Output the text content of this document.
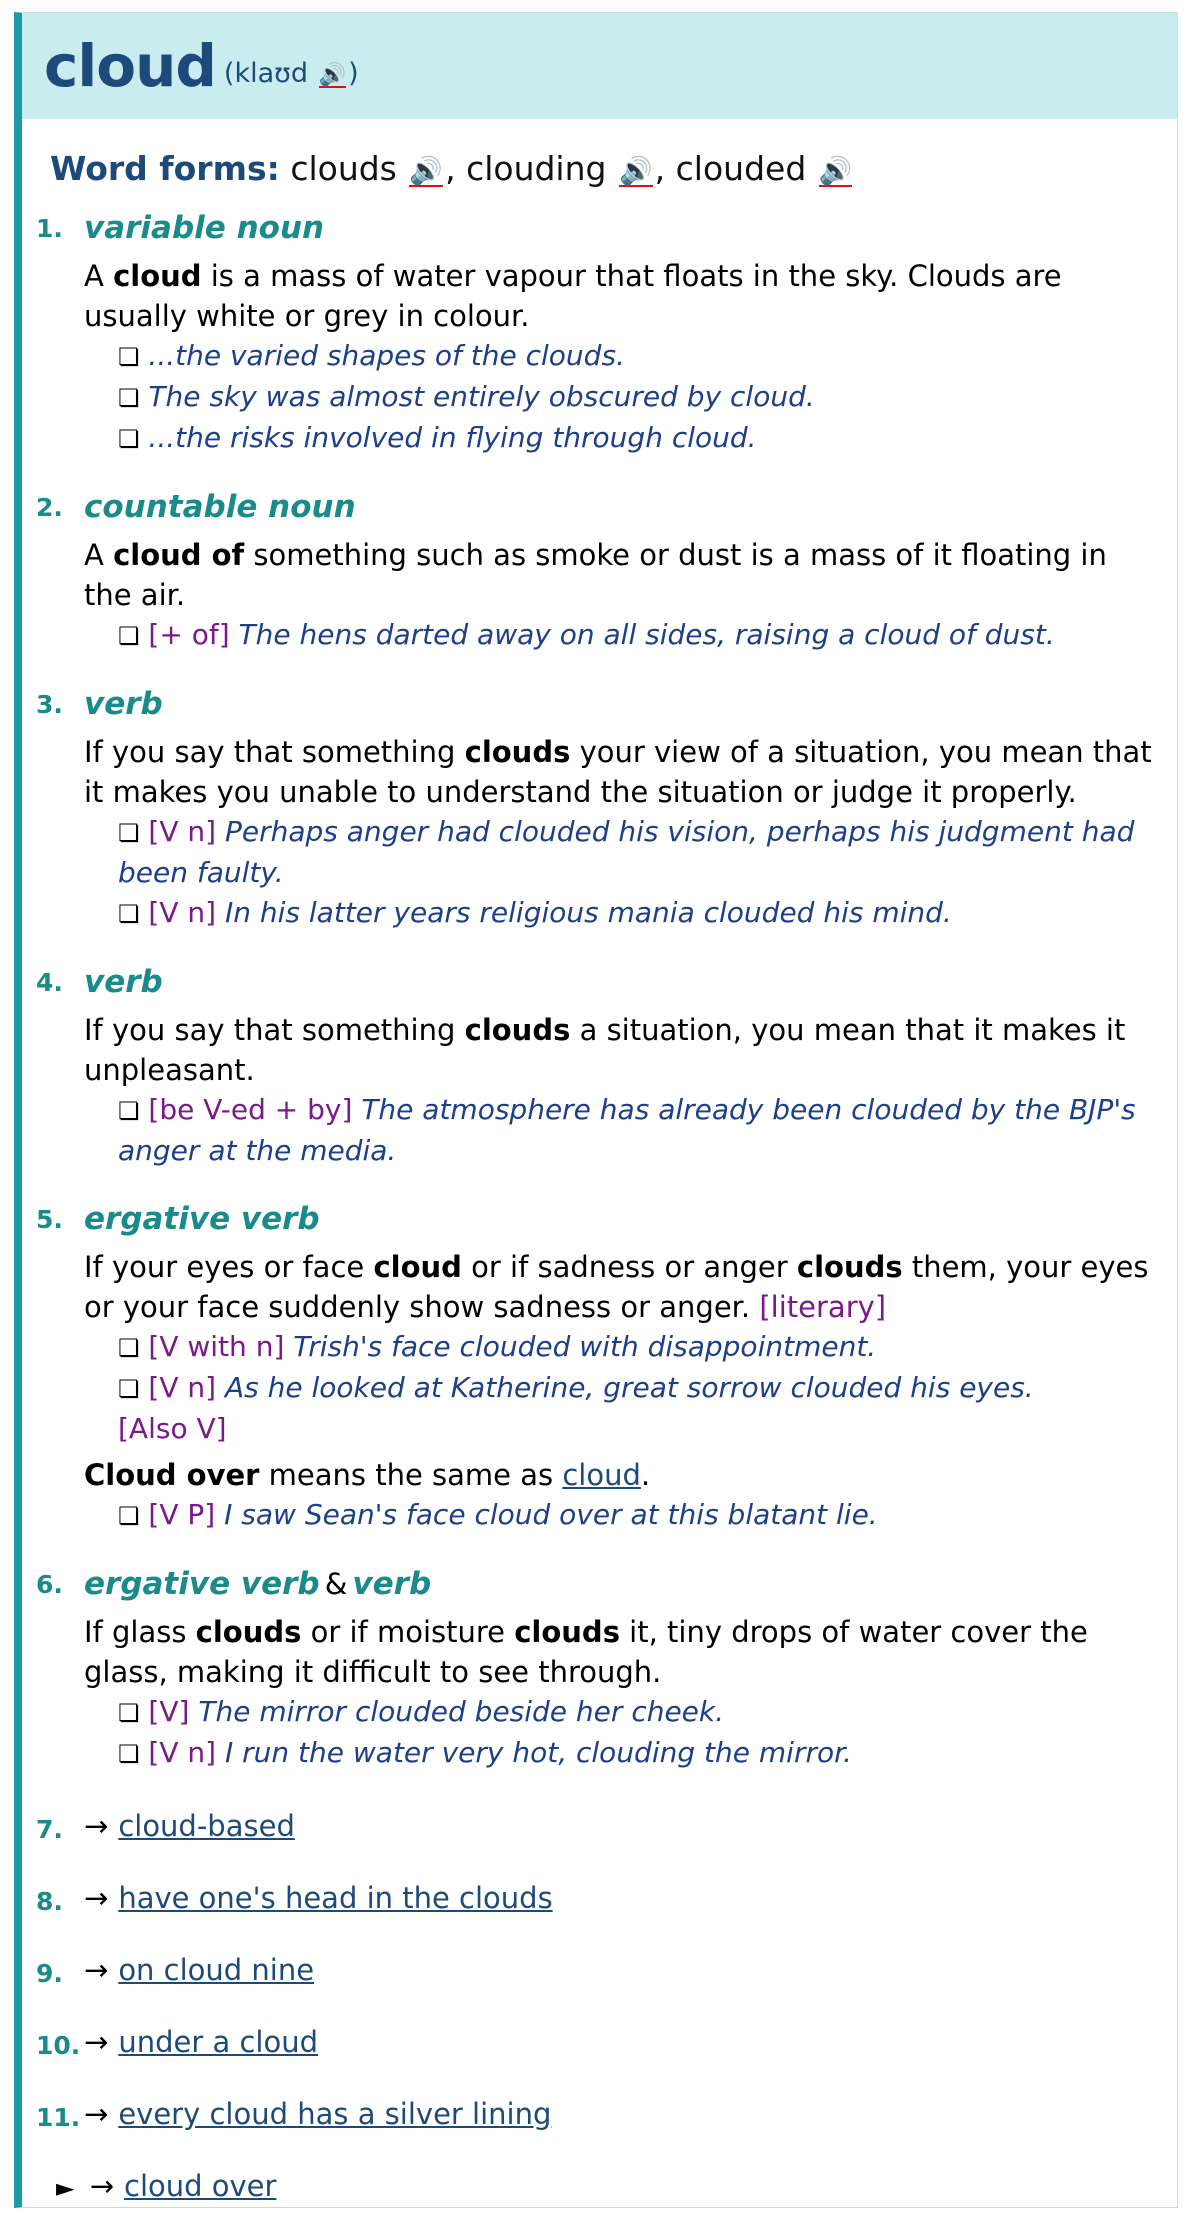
cloud (klaʊd 🔊)
Word forms: clouds 🔊, clouding 🔊, clouded 🔊
1. variable noun
A cloud is a mass of water vapour that floats in the sky. Clouds are usually white or grey in colour.
❏ ...the varied shapes of the clouds.
❏ The sky was almost entirely obscured by cloud.
❏ ...the risks involved in flying through cloud.
2. countable noun
A cloud of something such as smoke or dust is a mass of it floating in the air.
❏ [+ of] The hens darted away on all sides, raising a cloud of dust.
3. verb
If you say that something clouds your view of a situation, you mean that it makes you unable to understand the situation or judge it properly.
❏ [V n] Perhaps anger had clouded his vision, perhaps his judgment had been faulty.
❏ [V n] In his latter years religious mania clouded his mind.
4. verb
If you say that something clouds a situation, you mean that it makes it unpleasant.
❏ [be V-ed + by] The atmosphere has already been clouded by the BJP's anger at the media.
5. ergative verb
If your eyes or face cloud or if sadness or anger clouds them, your eyes or your face suddenly show sadness or anger. [literary]
❏ [V with n] Trish's face clouded with disappointment.
❏ [V n] As he looked at Katherine, great sorrow clouded his eyes.
[Also V]
Cloud over means the same as cloud.
❏ [V P] I saw Sean's face cloud over at this blatant lie.
6. ergative verb & verb
If glass clouds or if moisture clouds it, tiny drops of water cover the glass, making it difficult to see through.
❏ [V] The mirror clouded beside her cheek.
❏ [V n] I run the water very hot, clouding the mirror.
7. → cloud-based
8. → have one's head in the clouds
9. → on cloud nine
10. → under a cloud
11. → every cloud has a silver lining
► → cloud over
